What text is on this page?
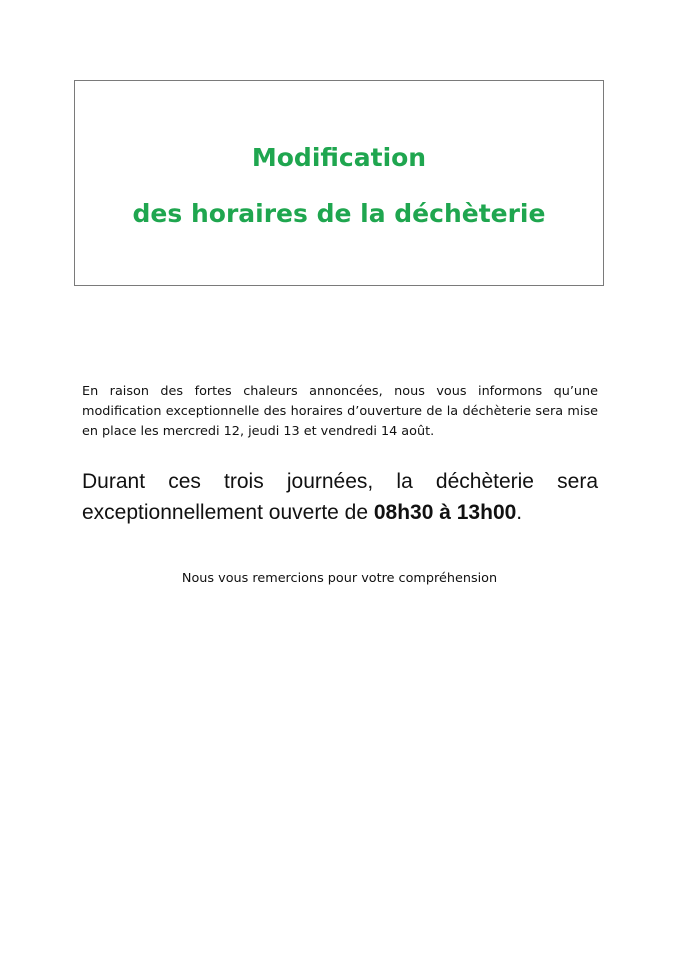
Modification
des horaires de la déchèterie

En raison des fortes chaleurs annoncées, nous vous informons qu’une modification exceptionnelle des horaires d’ouverture de la déchèterie sera mise en place les mercredi 12, jeudi 13 et vendredi 14 août.

Durant ces trois journées, la déchèterie sera exceptionnellement ouverte de 08h30 à 13h00.

Nous vous remercions pour votre compréhension
